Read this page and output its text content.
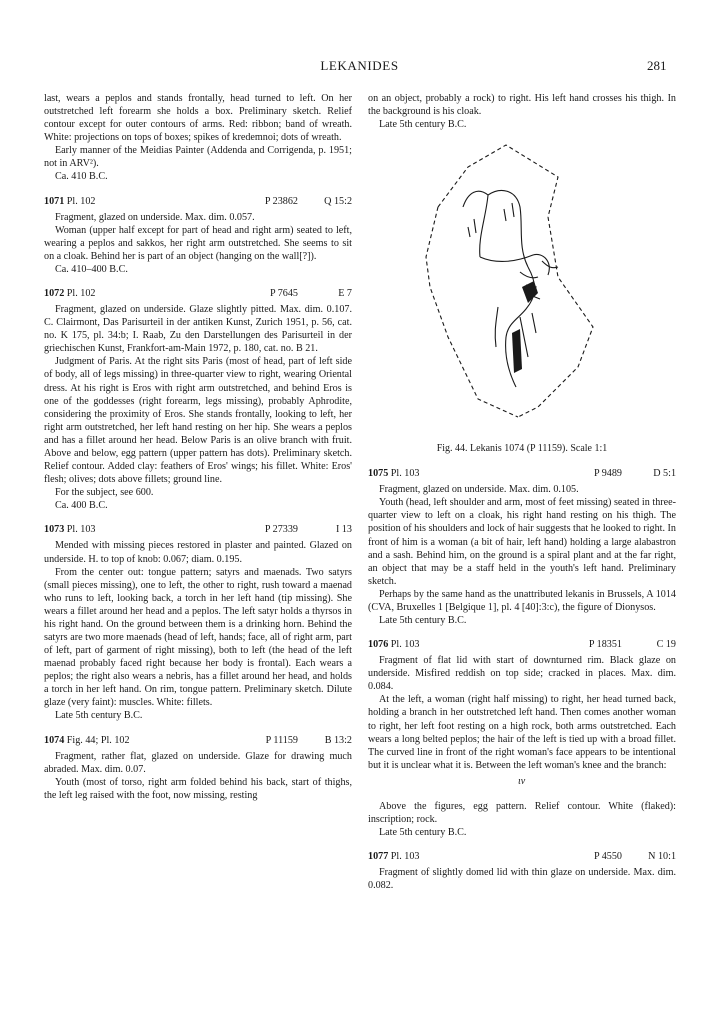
LEKANIDES	281

last, wears a peplos and stands frontally, head turned to left. On her outstretched left forearm she holds a box. Preliminary sketch. Relief contour except for outer contours of arms. Red: ribbon; band of wreath. White: projections on tops of boxes; spikes of kredemnoi; dots of wreath.

Early manner of the Meidias Painter (Addenda and Corrigenda, p. 1951; not in ARV²).

Ca. 410 B.C.

1071 Pl. 102	P 23862	Q 15:2

Fragment, glazed on underside. Max. dim. 0.057.

Woman (upper half except for part of head and right arm) seated to left, wearing a peplos and sakkos, her right arm outstretched. She seems to sit on a cloak. Behind her is part of an object (hanging on the wall[?]).

Ca. 410–400 B.C.

1072 Pl. 102	P 7645	E 7

Fragment, glazed on underside. Glaze slightly pitted. Max. dim. 0.107. C. Clairmont, Das Parisurteil in der antiken Kunst, Zurich 1951, p. 56, cat. no. K 175, pl. 34:b; I. Raab, Zu den Darstellungen des Parisurteil in der griechischen Kunst, Frankfort-am-Main 1972, p. 180, cat. no. B 21.

Judgment of Paris. At the right sits Paris (most of head, part of left side of body, all of legs missing) in three-quarter view to right, wearing Oriental dress. At his right is Eros with right arm outstretched, and behind Eros is one of the goddesses (right forearm, legs missing), probably Aphrodite, considering the proximity of Eros. She stands frontally, looking to left, her right arm outstretched, her left hand resting on her hip. She wears a peplos and has a fillet around her head. Below Paris is an olive branch with fruit. Above and below, egg pattern (upper pattern has dots). Preliminary sketch. Relief contour. Added clay: feathers of Eros' wings; his fillet. White: Eros' flesh; olives; dots above fillets; ground line.

For the subject, see 600.

Ca. 400 B.C.

1073 Pl. 103	P 27339	I 13

Mended with missing pieces restored in plaster and painted. Glazed on underside. H. to top of knob: 0.067; diam. 0.195.

From the center out: tongue pattern; satyrs and maenads. Two satyrs (small pieces missing), one to left, the other to right, rush toward a maenad who runs to left, looking back, a torch in her left hand (tip missing). She wears a fillet around her head and a peplos. The left satyr holds a thyrsos in his right hand. On the ground between them is a drinking horn. Behind the satyrs are two more maenads (head of left, hands; face, all of right arm, part of left, part of garment of right missing), both to left (the head of the left maenad probably faced right because her body is frontal). Each wears a peplos; the right also wears a nebris, has a fillet around her head, and holds a torch in her left hand. On rim, tongue pattern. Preliminary sketch. Dilute glaze (very faint): muscles. White: fillets.

Late 5th century B.C.

1074 Fig. 44; Pl. 102	P 11159	B 13:2

Fragment, rather flat, glazed on underside. Glaze for drawing much abraded. Max. dim. 0.07.

Youth (most of torso, right arm folded behind his back, start of thighs, the left leg raised with the foot, now missing, resting

on an object, probably a rock) to right. His left hand crosses his thigh. In the background is his cloak.

Late 5th century B.C.

Fig. 44. Lekanis 1074 (P 11159). Scale 1:1
1075 Pl. 103	P 9489	D 5:1

Fragment, glazed on underside. Max. dim. 0.105.

Youth (head, left shoulder and arm, most of feet missing) seated in three-quarter view to left on a cloak, his right hand resting on his thigh. The position of his shoulders and lock of hair suggests that he looked to right. In front of him is a woman (a bit of hair, left hand) holding a large alabastron and a sash. Behind him, on the ground is a spiral plant and at the far right, an object that may be a staff held in the youth's left hand. Preliminary sketch.

Perhaps by the same hand as the unattributed lekanis in Brussels, A 1014 (CVA, Bruxelles 1 [Belgique 1], pl. 4 [40]:3:c), the figure of Dionysos.

Late 5th century B.C.

1076 Pl. 103	P 18351	C 19

Fragment of flat lid with start of downturned rim. Black glaze on underside. Misfired reddish on top side; cracked in places. Max. dim. 0.084.

At the left, a woman (right half missing) to right, her head turned back, holding a branch in her outstretched left hand. Then comes another woman to right, her left foot resting on a high rock, both arms outstretched. Each wears a long belted peplos; the hair of the left is tied up with a broad fillet. The curved line in front of the right woman's face appears to be intentional but it is unclear what it is. Between the left woman's knee and the branch:

ιν

Above the figures, egg pattern. Relief contour. White (flaked): inscription; rock.

Late 5th century B.C.

1077 Pl. 103	P 4550	N 10:1

Fragment of slightly domed lid with thin glaze on underside. Max. dim. 0.082.
